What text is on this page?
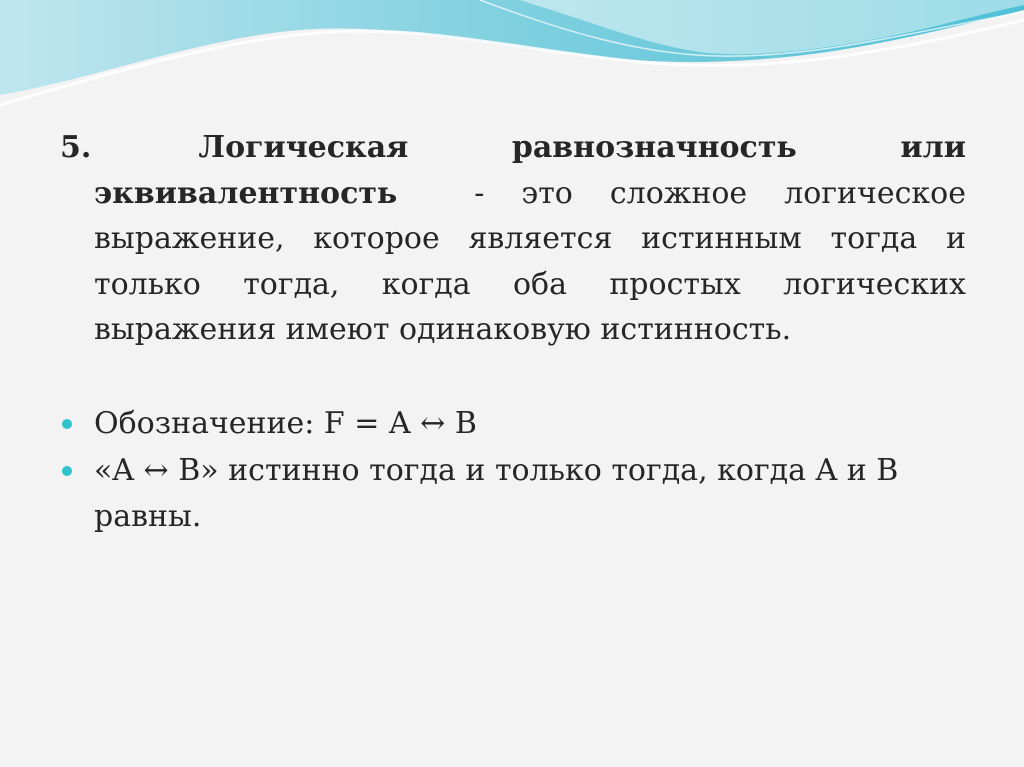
5.	Логическая	равнозначность	или
эквивалентность	- это сложное логическое
выражение, которое является истинным тогда и
только тогда, когда оба простых логических
выражения имеют одинаковую истинность.
Обозначение: F = A ↔ B
«A ↔ B» истинно тогда и только тогда, когда A и B
равны.
